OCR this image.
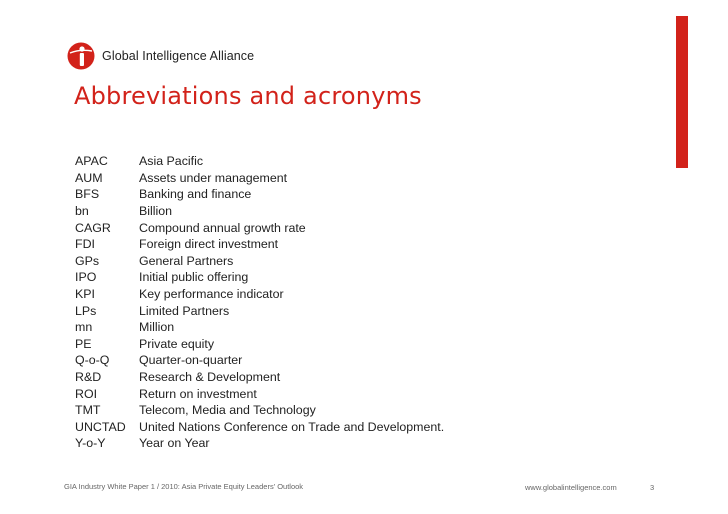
Global Intelligence Alliance
Abbreviations and acronyms
APAC	Asia Pacific
AUM	Assets under management
BFS	Banking and finance
bn	Billion
CAGR	Compound annual growth rate
FDI	Foreign direct investment
GPs	General Partners
IPO	Initial public offering
KPI	Key performance indicator
LPs	Limited Partners
mn	Million
PE	Private equity
Q-o-Q	Quarter-on-quarter
R&D	Research & Development
ROI	Return on investment
TMT	Telecom, Media and Technology
UNCTAD	United Nations Conference on Trade and Development.
Y-o-Y	Year on Year
GIA Industry White Paper 1 / 2010: Asia Private Equity Leaders' Outlook	www.globalintelligence.com	3
